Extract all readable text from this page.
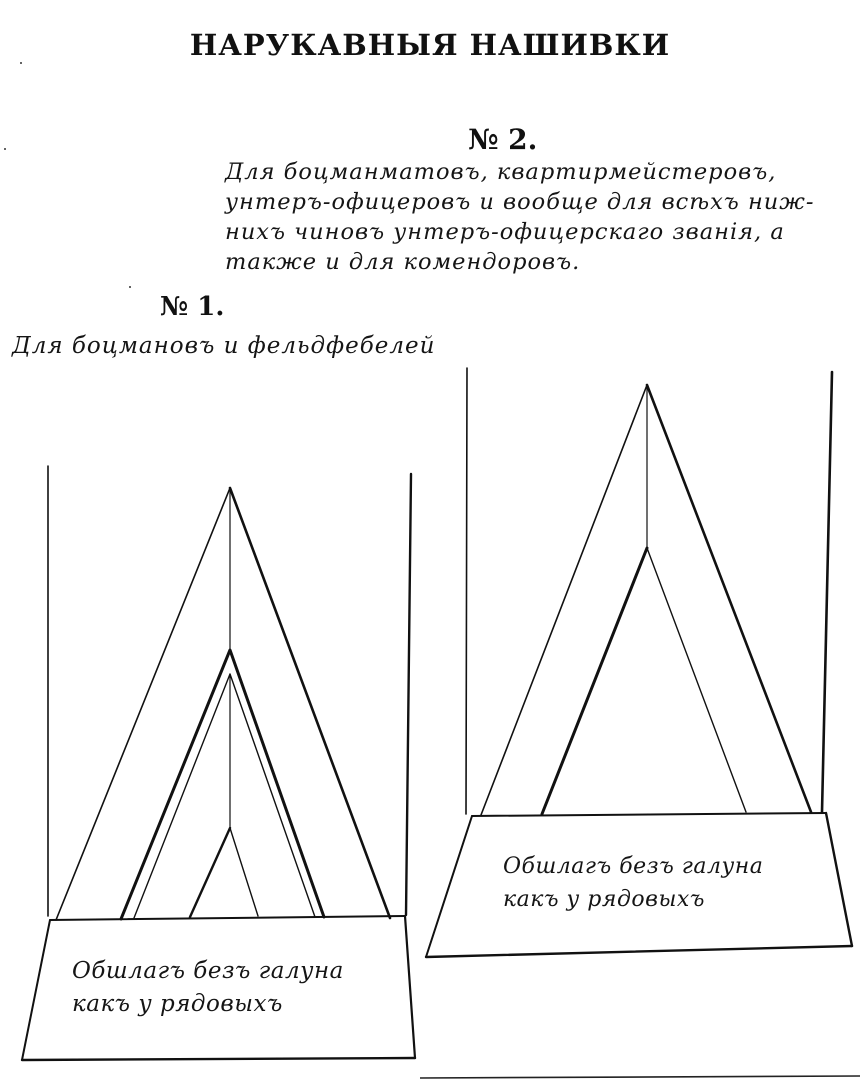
НАРУКАВНЫЯ НАШИВКИ
№ 2.
Для боцманматовъ, квартирмейстеровъ,
унтеръ-офицеровъ и вообще для всѣхъ ниж-
нихъ чиновъ унтеръ-офицерскаго званія, а
также и для комендоровъ.
№ 1.
Для боцмановъ и фельдфебелей
Обшлагъ безъ галуна
какъ у рядовыхъ
Обшлагъ безъ галуна
какъ у рядовыхъ
